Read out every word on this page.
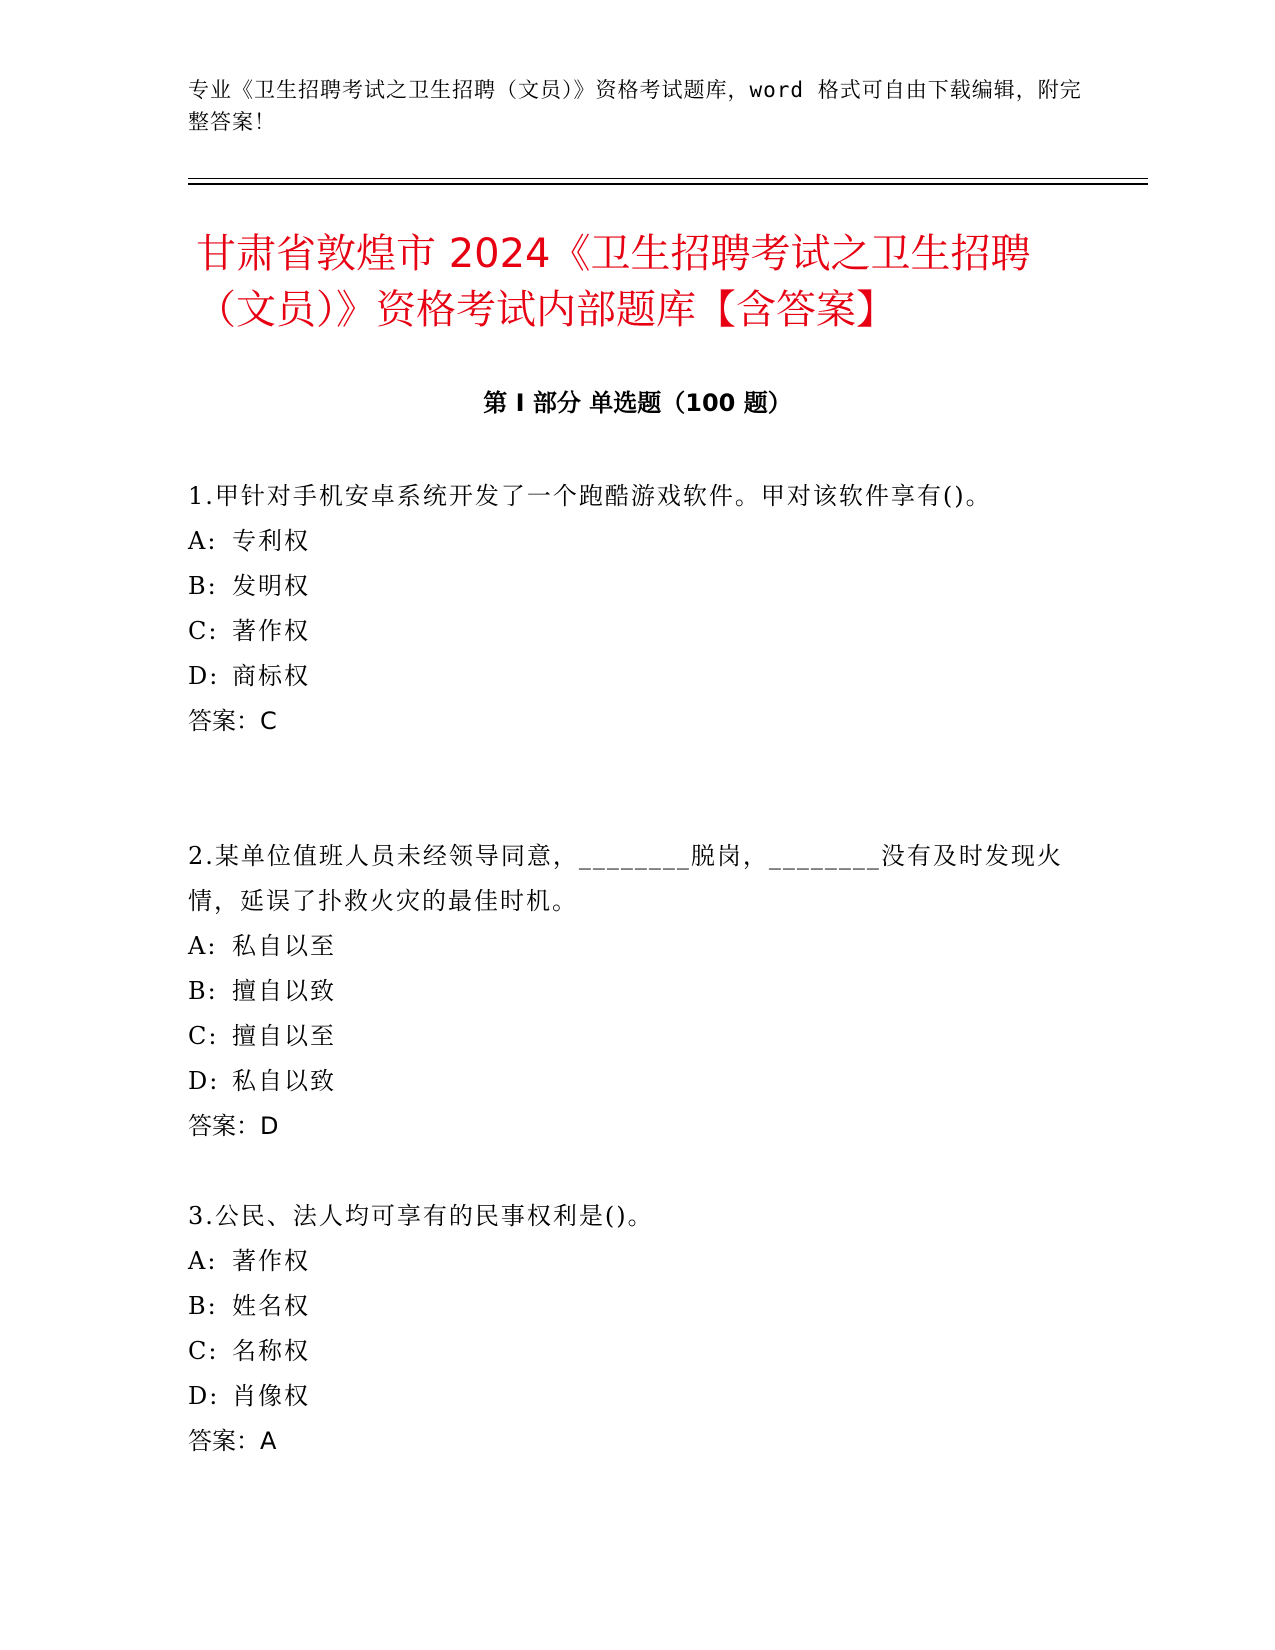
专业《卫生招聘考试之卫生招聘（文员）》资格考试题库，word 格式可自由下载编辑，附完整答案！
甘肃省敦煌市 2024《卫生招聘考试之卫生招聘（文员）》资格考试内部题库【含答案】
第 I 部分 单选题（100 题）

1.甲针对手机安卓系统开发了一个跑酷游戏软件。甲对该软件享有()。

A: 专利权
B: 发明权
C: 著作权
D: 商标权

答案：C

2.某单位值班人员未经领导同意，________脱岗，________没有及时发现火情，延误了扑救火灾的最佳时机。

A: 私自以至
B: 擅自以致
C: 擅自以至
D: 私自以致

答案：D

3.公民、法人均可享有的民事权利是()。

A: 著作权
B: 姓名权
C: 名称权
D: 肖像权

答案：A
